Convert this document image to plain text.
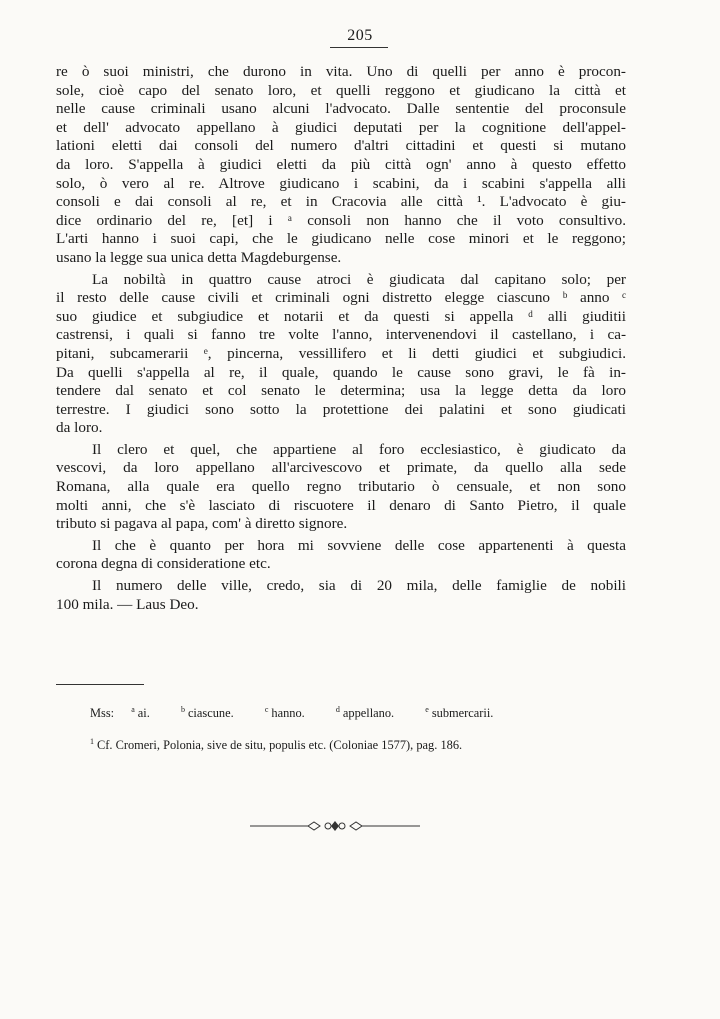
205
re ò suoi ministri, che durono in vita. Uno di quelli per anno è procon-
sole, cioè capo del senato loro, et quelli reggono et giudicano la città et
nelle cause criminali usano alcuni l'advocato. Dalle sententie del proconsule
et dell' advocato appellano à giudici deputati per la cognitione dell'appel-
lationi eletti dai consoli del numero d'altri cittadini et questi si mutano
da loro. S'appella à giudici eletti da più città ogn' anno à questo effetto
solo, ò vero al re. Altrove giudicano i scabini, da i scabini s'appella alli
consoli e dai consoli al re, et in Cracovia alle città ¹. L'advocato è giu-
dice ordinario del re, [et] i ᵃ consoli non hanno che il voto consultivo.
L'arti hanno i suoi capi, che le giudicano nelle cose minori et le reggono;
usano la legge sua unica detta Magdeburgense.
La nobiltà in quattro cause atroci è giudicata dal capitano solo; per
il resto delle cause civili et criminali ogni distretto elegge ciascuno ᵇ anno ᶜ
suo giudice et subgiudice et notarii et da questi si appella ᵈ alli giuditii
castrensi, i quali si fanno tre volte l'anno, intervenendovi il castellano, i ca-
pitani, subcamerarii ᵉ, pincerna, vessillifero et li detti giudici et subgiudici.
Da quelli s'appella al re, il quale, quando le cause sono gravi, le fà in-
tendere dal senato et col senato le determina; usa la legge detta da loro
terrestre. I giudici sono sotto la protettione dei palatini et sono giudicati
da loro.
Il clero et quel, che appartiene al foro ecclesiastico, è giudicato da
vescovi, da loro appellano all'arcivescovo et primate, da quello alla sede
Romana, alla quale era quello regno tributario ò censuale, et non sono
molti anni, che s'è lasciato di riscuotere il denaro di Santo Pietro, il quale
tributo si pagava al papa, com' à diretto signore.
Il che è quanto per hora mi sovviene delle cose appartenenti à questa
corona degna di consideratione etc.
Il numero delle ville, credo, sia di 20 mila, delle famiglie de nobili
100 mila. — Laus Deo.
Mss: $^a$ ai.	$^b$ ciascune.	$^c$ hanno.	$^d$ appellano.	$^e$ submercarii.
$^1$ Cf. Cromeri, Polonia, sive de situ, populis etc. (Coloniae 1577), pag. 186.
